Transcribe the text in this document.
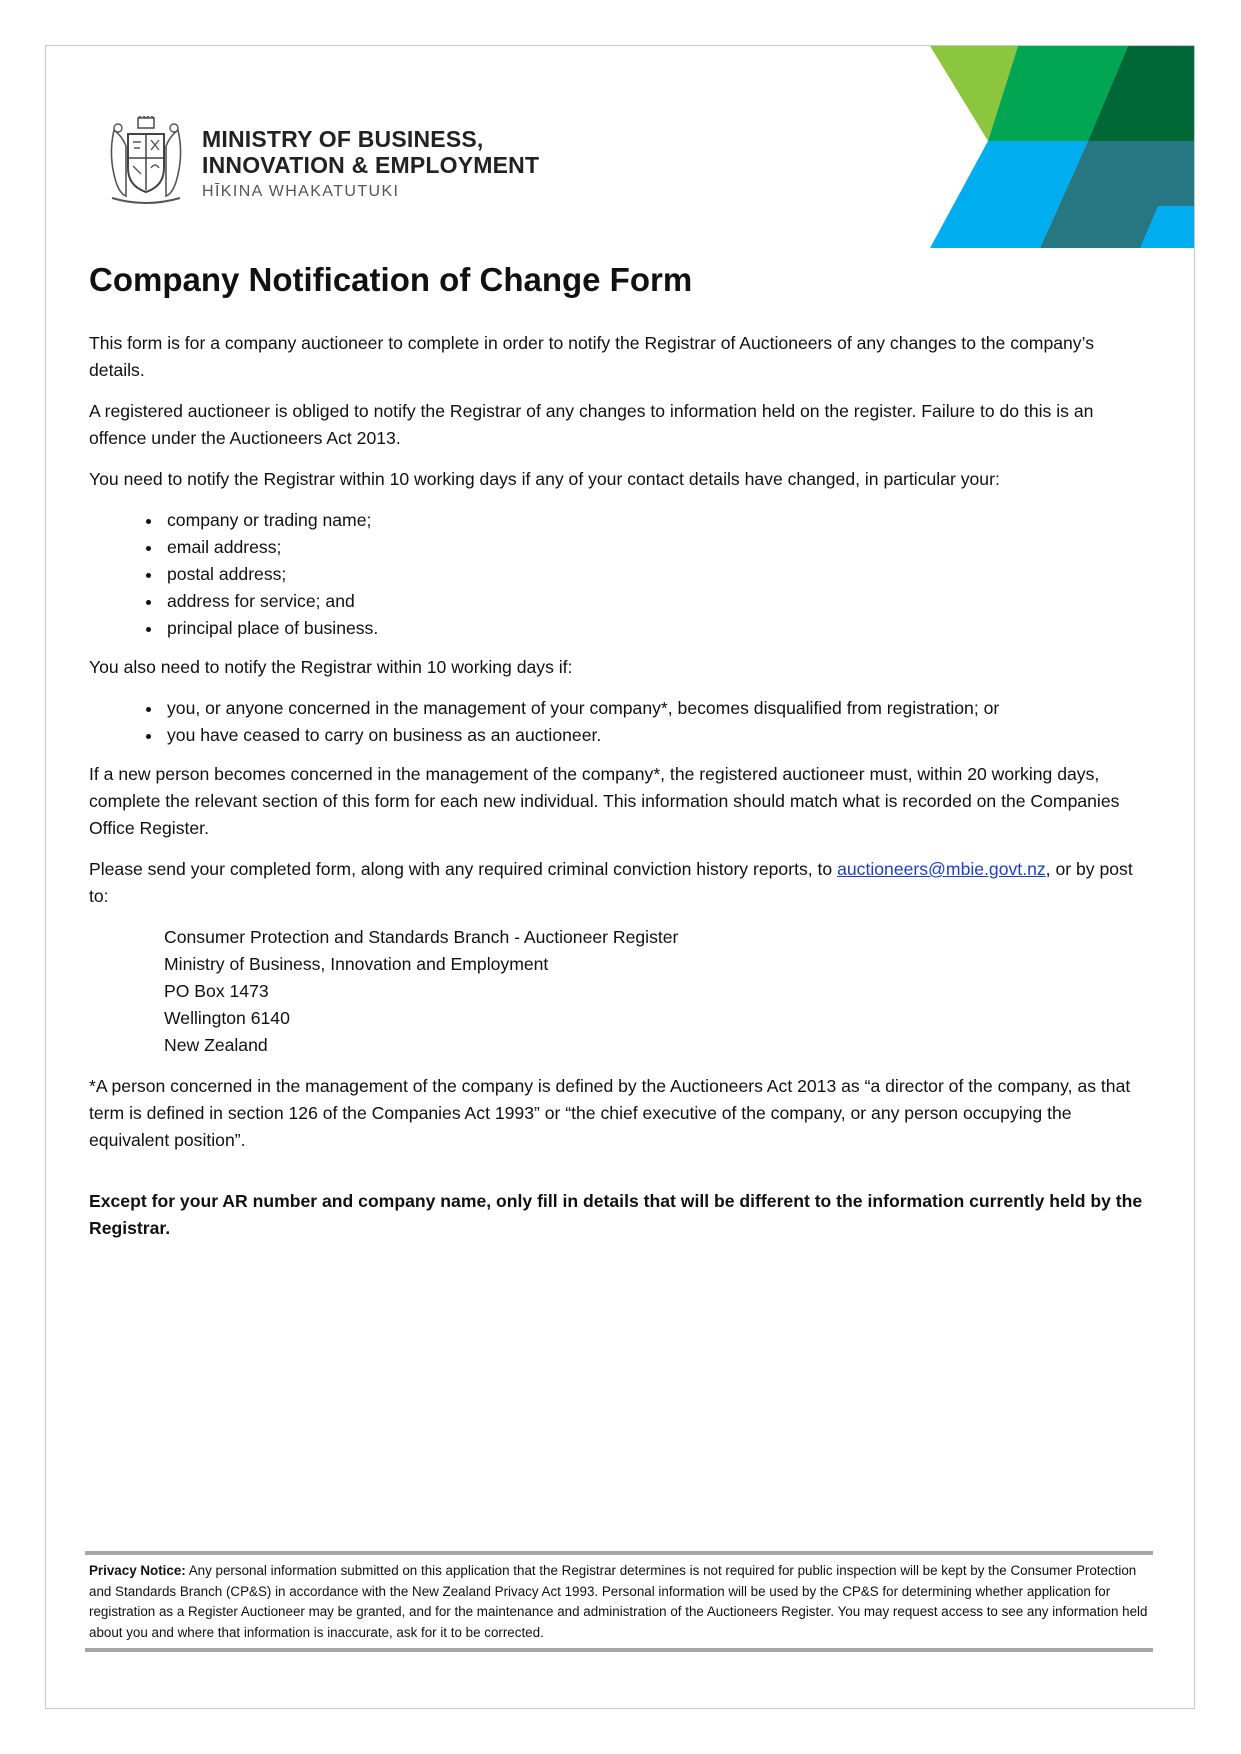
MINISTRY OF BUSINESS,
INNOVATION & EMPLOYMENT
HĪKINA WHAKATUTUKI
Company Notification of Change Form

This form is for a company auctioneer to complete in order to notify the Registrar of Auctioneers of any changes to the company’s details.

A registered auctioneer is obliged to notify the Registrar of any changes to information held on the register. Failure to do this is an offence under the Auctioneers Act 2013.

You need to notify the Registrar within 10 working days if any of your contact details have changed, in particular your:

• company or trading name;
• email address;
• postal address;
• address for service; and
• principal place of business.

You also need to notify the Registrar within 10 working days if:

• you, or anyone concerned in the management of your company*, becomes disqualified from registration; or
• you have ceased to carry on business as an auctioneer.

If a new person becomes concerned in the management of the company*, the registered auctioneer must, within 20 working days, complete the relevant section of this form for each new individual. This information should match what is recorded on the Companies Office Register.

Please send your completed form, along with any required criminal conviction history reports, to auctioneers@mbie.govt.nz, or by post to:

Consumer Protection and Standards Branch - Auctioneer Register
Ministry of Business, Innovation and Employment
PO Box 1473
Wellington 6140
New Zealand

*A person concerned in the management of the company is defined by the Auctioneers Act 2013 as “a director of the company, as that term is defined in section 126 of the Companies Act 1993” or “the chief executive of the company, or any person occupying the equivalent position”.

Except for your AR number and company name, only fill in details that will be different to the information currently held by the Registrar.

Privacy Notice: Any personal information submitted on this application that the Registrar determines is not required for public inspection will be kept by the Consumer Protection and Standards Branch (CP&S) in accordance with the New Zealand Privacy Act 1993. Personal information will be used by the CP&S for determining whether application for registration as a Register Auctioneer may be granted, and for the maintenance and administration of the Auctioneers Register. You may request access to see any information held about you and where that information is inaccurate, ask for it to be corrected.
